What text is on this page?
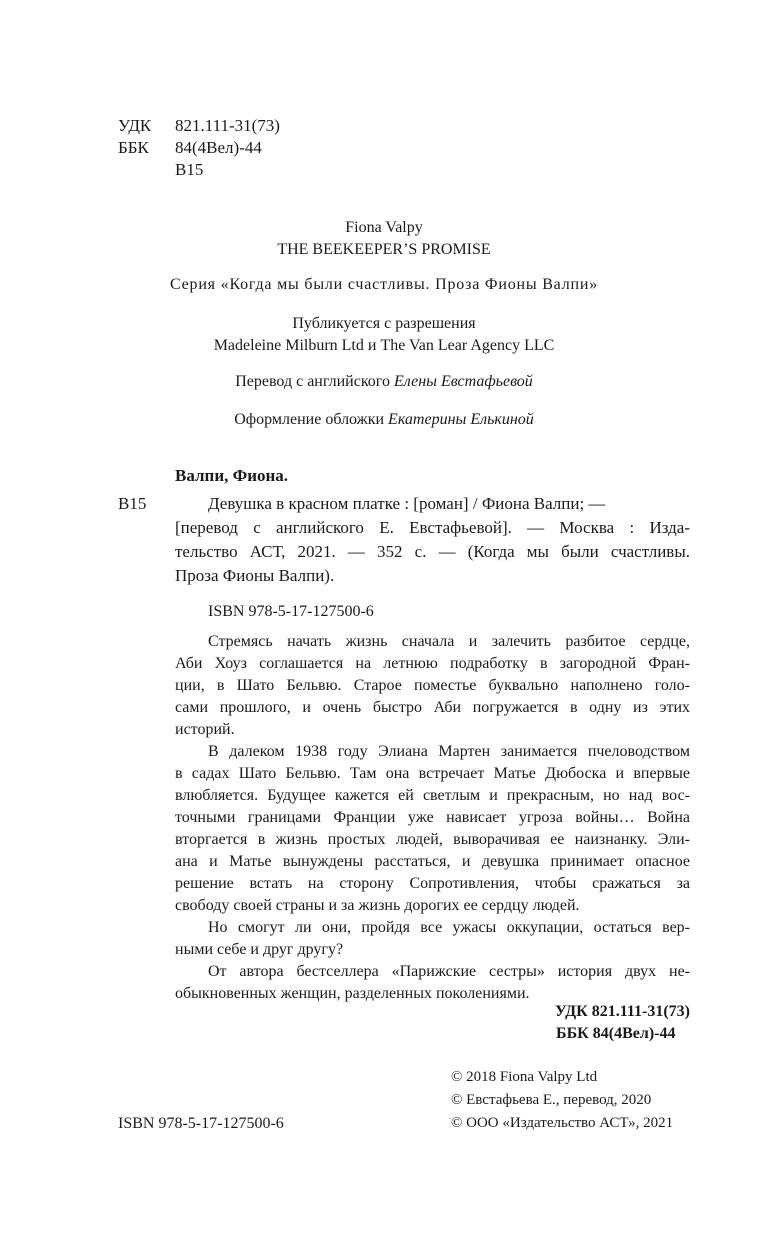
УДК 821.111-31(73)
ББК 84(4Вел)-44
В15
Fiona Valpy
THE BEEKEEPER’S PROMISE
Серия «Когда мы были счастливы. Проза Фионы Валпи»
Публикуется с разрешения
Madeleine Milburn Ltd и The Van Lear Agency LLC
Перевод с английского Елены Евстафьевой
Оформление обложки Екатерины Елькиной
Валпи, Фиона.
В15	Девушка в красном платке : [роман] / Фиона Валпи; —
[перевод с английского Е. Евстафьевой]. — Москва : Изда-
тельство АСТ, 2021. — 352 с. — (Когда мы были счастливы.
Проза Фионы Валпи).
ISBN 978-5-17-127500-6
Стремясь начать жизнь сначала и залечить разбитое сердце,
Аби Хоуз соглашается на летнюю подработку в загородной Фран-
ции, в Шато Бельвю. Старое поместье буквально наполнено голо-
сами прошлого, и очень быстро Аби погружается в одну из этих
историй.
В далеком 1938 году Элиана Мартен занимается пчеловодством
в садах Шато Бельвю. Там она встречает Матье Дюбоска и впервые
влюбляется. Будущее кажется ей светлым и прекрасным, но над вос-
точными границами Франции уже нависает угроза войны… Война
вторгается в жизнь простых людей, выворачивая ее наизнанку. Эли-
ана и Матье вынуждены расстаться, и девушка принимает опасное
решение встать на сторону Сопротивления, чтобы сражаться за
свободу своей страны и за жизнь дорогих ее сердцу людей.
Но смогут ли они, пройдя все ужасы оккупации, остаться вер-
ными себе и друг другу?
От автора бестселлера «Парижские сестры» история двух не-
обыкновенных женщин, разделенных поколениями.
УДК 821.111-31(73)
ББК 84(4Вел)-44
© 2018 Fiona Valpy Ltd
© Евстафьева Е., перевод, 2020
© ООО «Издательство АСТ», 2021
ISBN 978-5-17-127500-6
